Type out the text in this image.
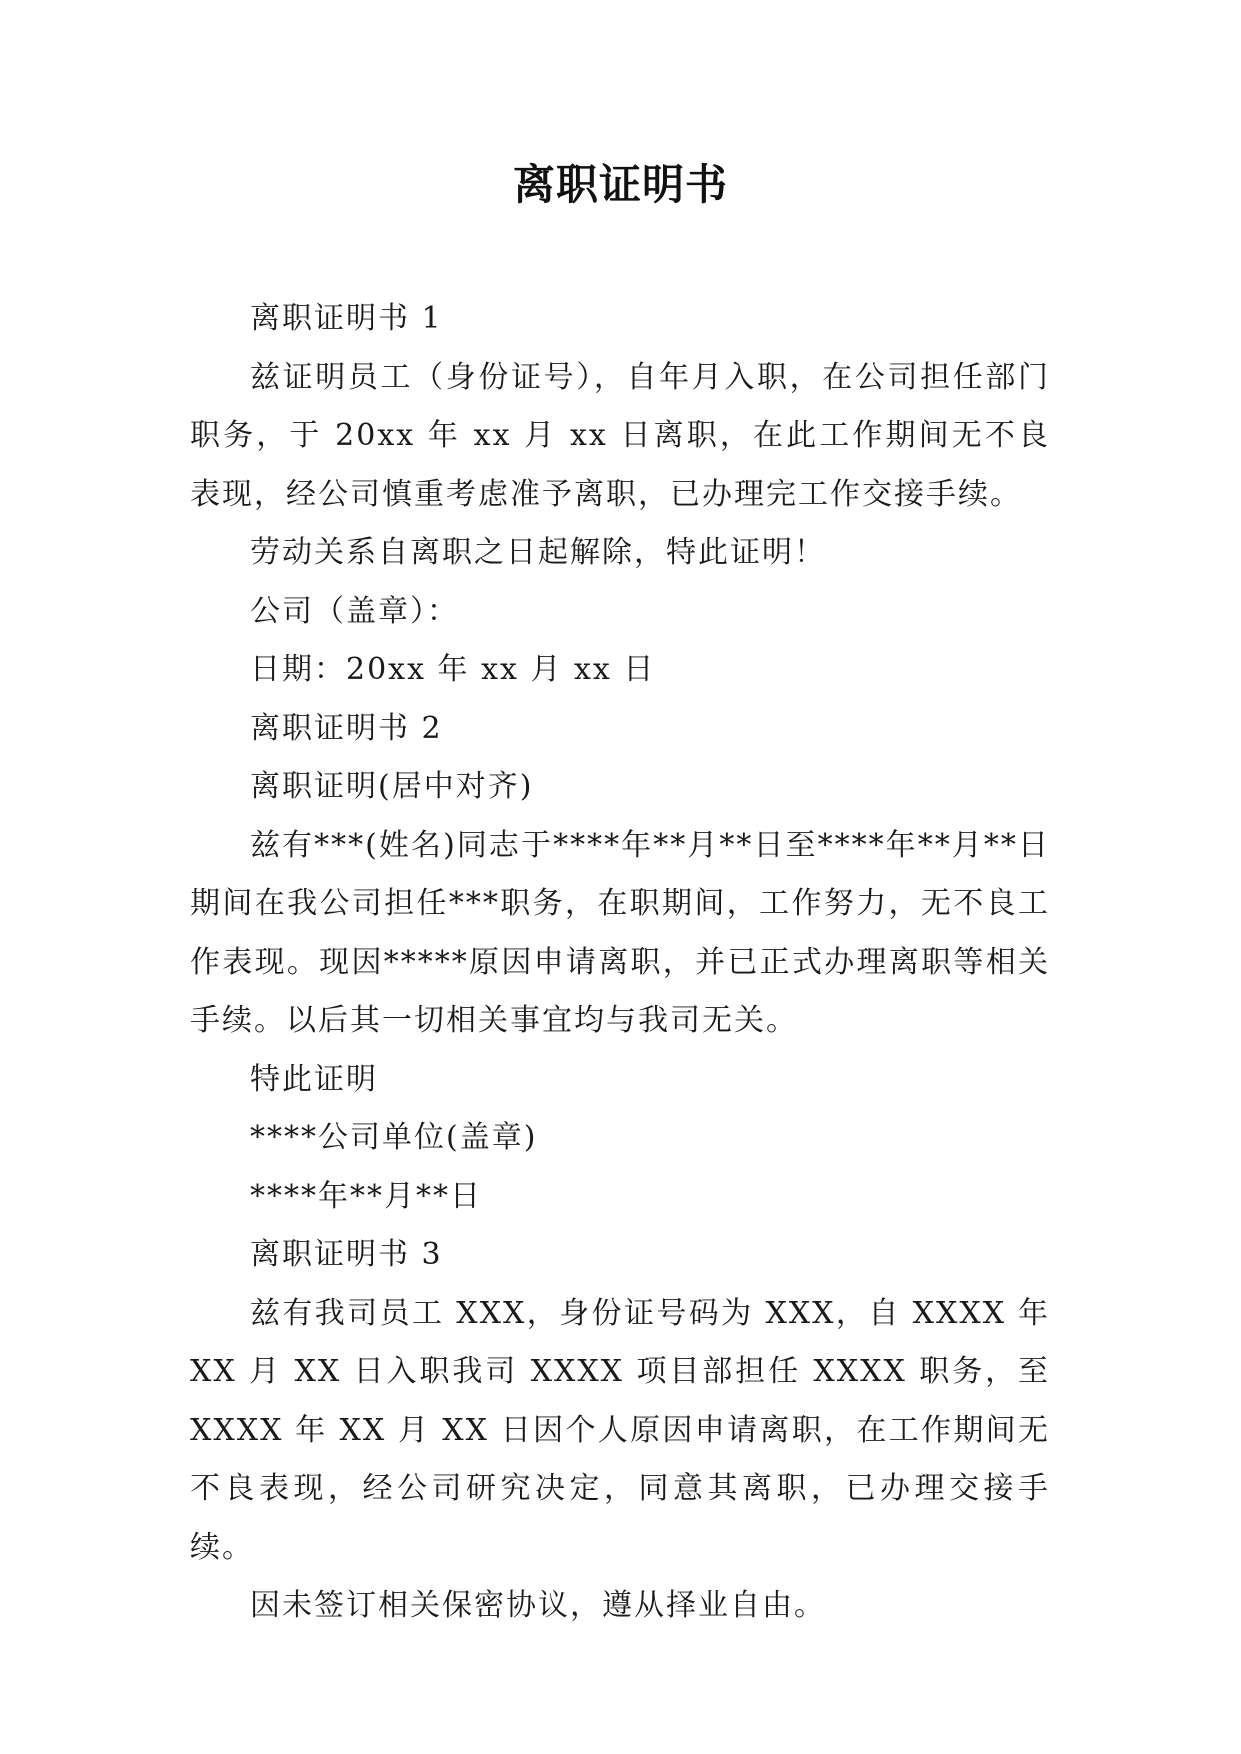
离职证明书

离职证明书 1

兹证明员工（身份证号），自年月入职，在公司担任部门职务，于 20xx 年 xx 月 xx 日离职，在此工作期间无不良表现，经公司慎重考虑准予离职，已办理完工作交接手续。

劳动关系自离职之日起解除，特此证明！

公司（盖章）：

日期：20xx 年 xx 月 xx 日

离职证明书 2

离职证明(居中对齐)

兹有***(姓名)同志于****年**月**日至****年**月**日期间在我公司担任***职务，在职期间，工作努力，无不良工作表现。现因*****原因申请离职，并已正式办理离职等相关手续。以后其一切相关事宜均与我司无关。

特此证明

****公司单位(盖章)

****年**月**日

离职证明书 3

兹有我司员工 XXX，身份证号码为 XXX，自 XXXX 年 XX 月 XX 日入职我司 XXXX 项目部担任 XXXX 职务，至 XXXX 年 XX 月 XX 日因个人原因申请离职，在工作期间无不良表现，经公司研究决定，同意其离职，已办理交接手续。

因未签订相关保密协议，遵从择业自由。
